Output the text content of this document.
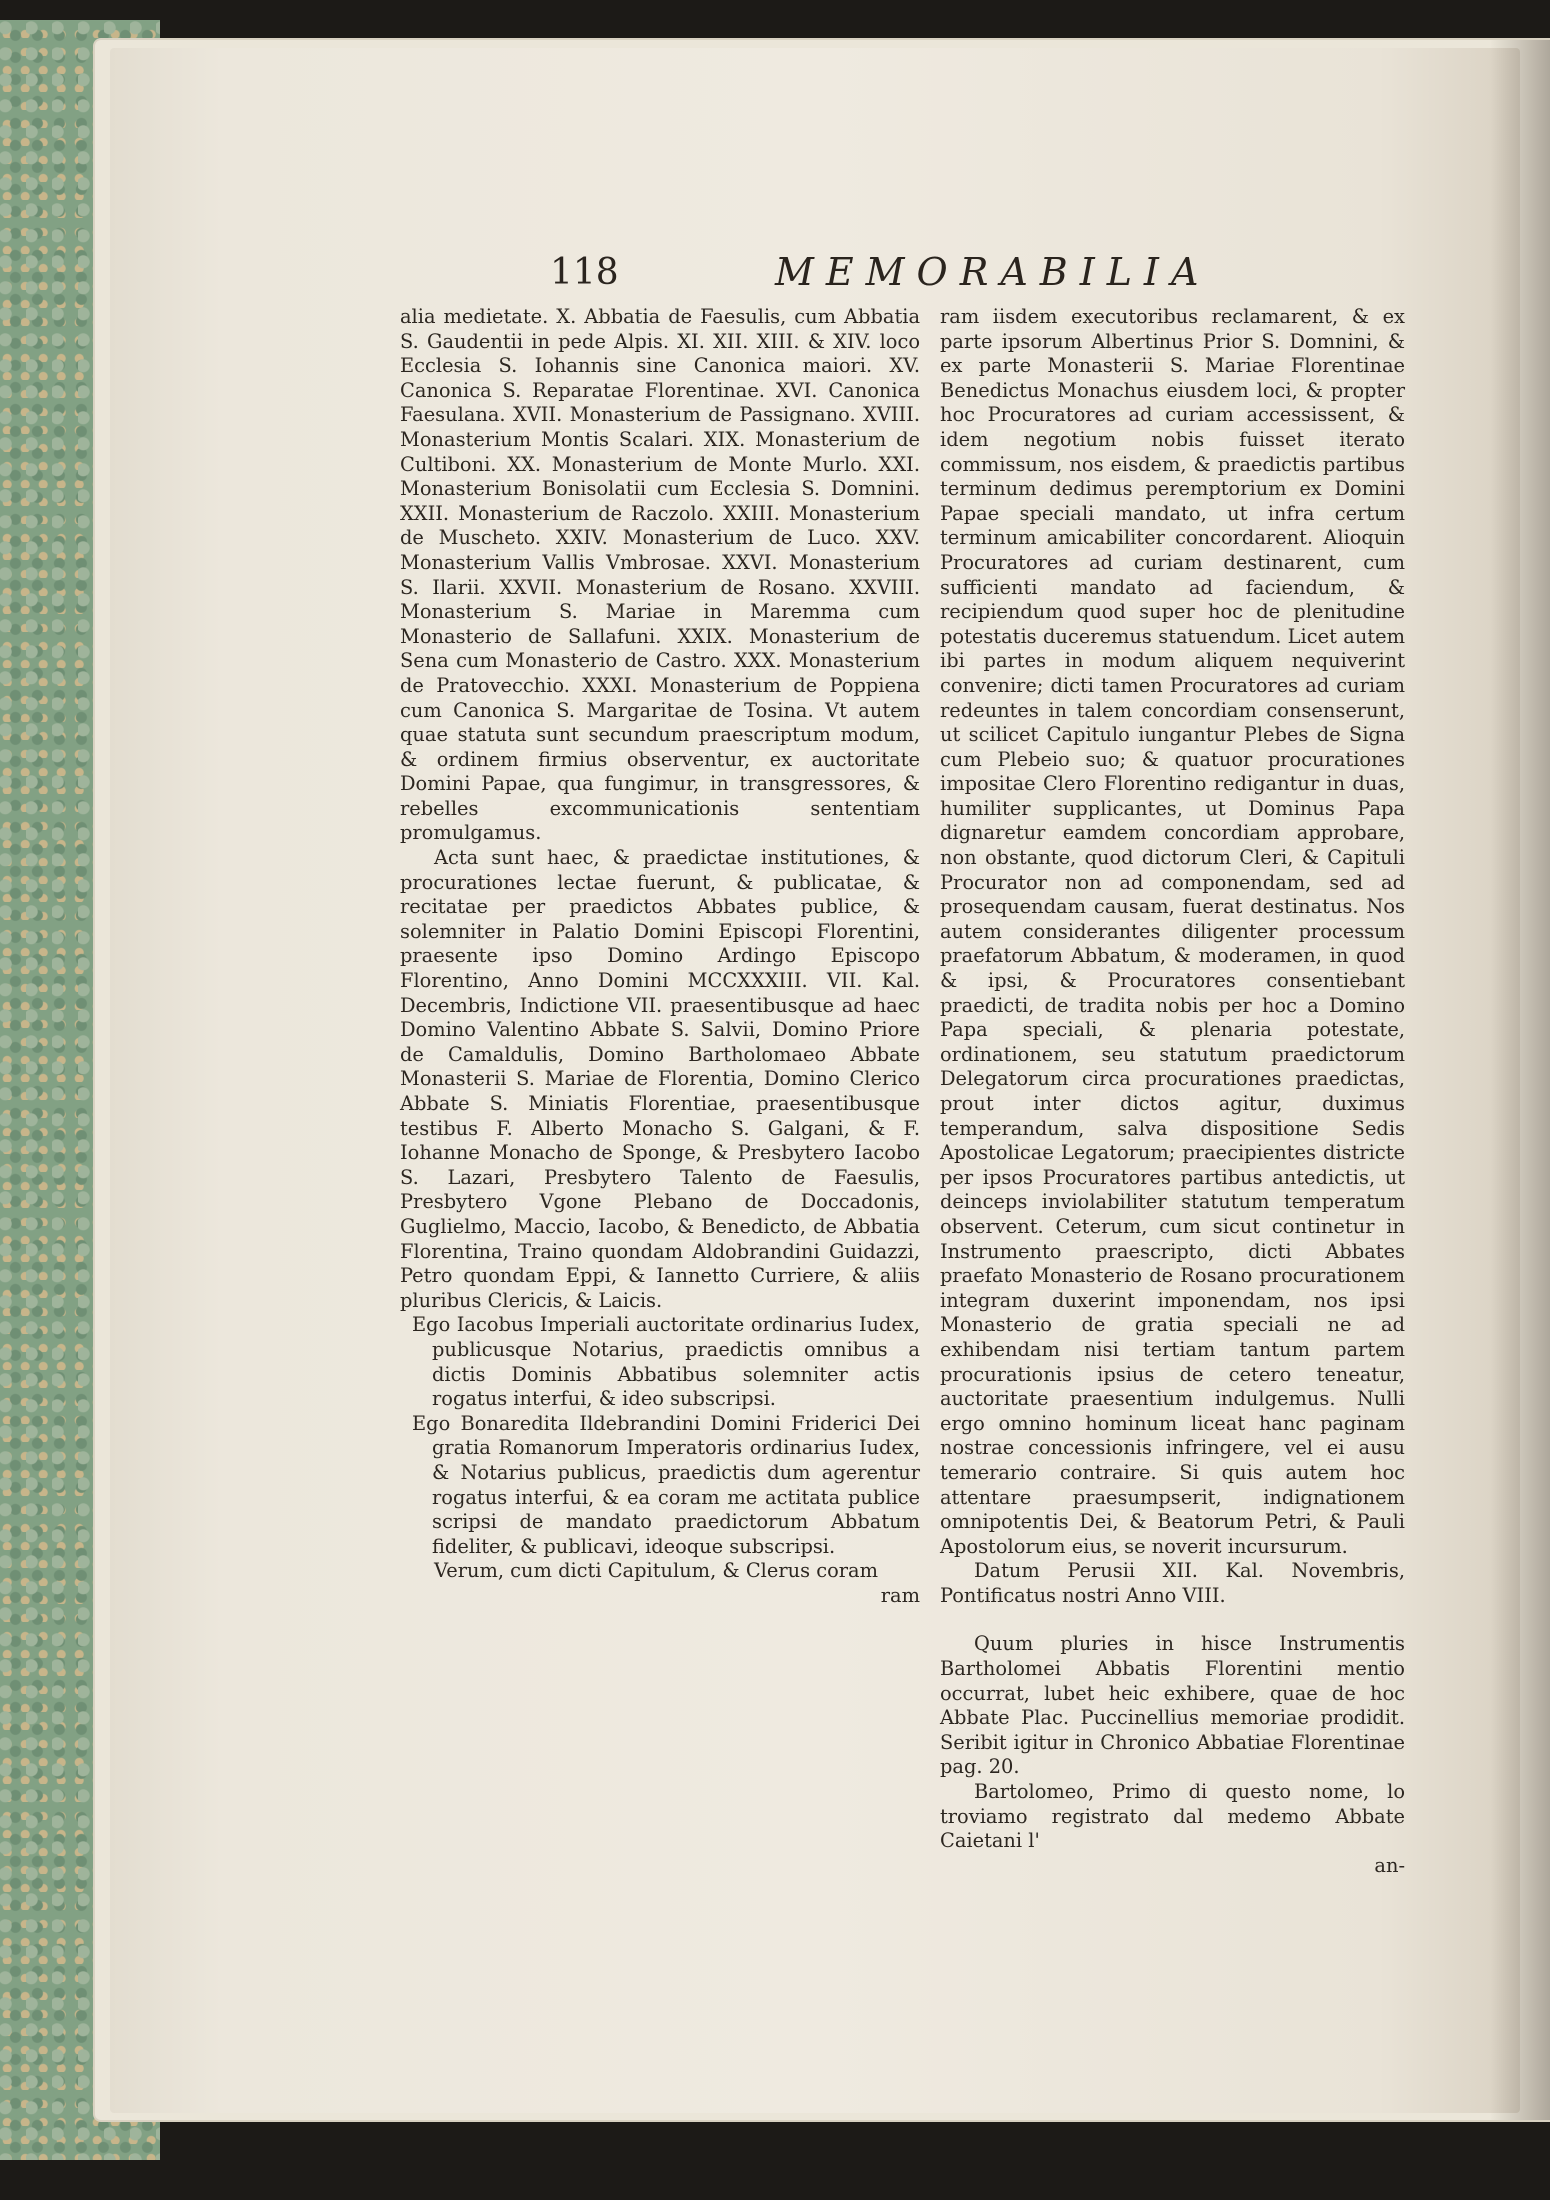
118	MEMORABILIA

alia medietate. X. Abbatia de Faesulis, cum Abbatia S. Gaudentii in pede Alpis. XI. XII. XIII. & XIV. loco Ecclesia S. Iohannis sine Canonica maiori. XV. Canonica S. Reparatae Florentinae. XVI. Canonica Faesulana. XVII. Monasterium de Passignano. XVIII. Monasterium Montis Scalari. XIX. Monasterium de Cultiboni. XX. Monasterium de Monte Murlo. XXI. Monasterium Bonisolatii cum Ecclesia S. Domnini. XXII. Monasterium de Raczolo. XXIII. Monasterium de Muscheto. XXIV. Monasterium de Luco. XXV. Monasterium Vallis Vmbrosae. XXVI. Monasterium S. Ilarii. XXVII. Monasterium de Rosano. XXVIII. Monasterium S. Mariae in Maremma cum Monasterio de Sallafuni. XXIX. Monasterium de Sena cum Monasterio de Castro. XXX. Monasterium de Pratovecchio. XXXI. Monasterium de Poppiena cum Canonica S. Margaritae de Tosina. Vt autem quae statuta sunt secundum praescriptum modum, & ordinem firmius observentur, ex auctoritate Domini Papae, qua fungimur, in transgressores, & rebelles excommunicationis sententiam promulgamus.

Acta sunt haec, & praedictae institutiones, & procurationes lectae fuerunt, & publicatae, & recitatae per praedictos Abbates publice, & solemniter in Palatio Domini Episcopi Florentini, praesente ipso Domino Ardingo Episcopo Florentino, Anno Domini MCCXXXIII. VII. Kal. Decembris, Indictione VII. praesentibusque ad haec Domino Valentino Abbate S. Salvii, Domino Priore de Camaldulis, Domino Bartholomaeo Abbate Monasterii S. Mariae de Florentia, Domino Clerico Abbate S. Miniatis Florentiae, praesentibusque testibus F. Alberto Monacho S. Galgani, & F. Iohanne Monacho de Sponge, & Presbytero Iacobo S. Lazari, Presbytero Talento de Faesulis, Presbytero Vgone Plebano de Doccadonis, Guglielmo, Maccio, Iacobo, & Benedicto, de Abbatia Florentina, Traino quondam Aldobrandini Guidazzi, Petro quondam Eppi, & Iannetto Curriere, & aliis pluribus Clericis, & Laicis.

Ego Iacobus Imperiali auctoritate ordinarius Iudex, publicusque Notarius, praedictis omnibus a dictis Dominis Abbatibus solemniter actis rogatus interfui, & ideo subscripsi.

Ego Bonaredita Ildebrandini Domini Friderici Dei gratia Romanorum Imperatoris ordinarius Iudex, & Notarius publicus, praedictis dum agerentur rogatus interfui, & ea coram me actitata publice scripsi de mandato praedictorum Abbatum fideliter, & publicavi, ideoque subscripsi.

Verum, cum dicti Capitulum, & Clerus coram

ram

ram iisdem executoribus reclamarent, & ex parte ipsorum Albertinus Prior S. Domnini, & ex parte Monasterii S. Mariae Florentinae Benedictus Monachus eiusdem loci, & propter hoc Procuratores ad curiam accessissent, & idem negotium nobis fuisset iterato commissum, nos eisdem, & praedictis partibus terminum dedimus peremptorium ex Domini Papae speciali mandato, ut infra certum terminum amicabiliter concordarent. Alioquin Procuratores ad curiam destinarent, cum sufficienti mandato ad faciendum, & recipiendum quod super hoc de plenitudine potestatis duceremus statuendum. Licet autem ibi partes in modum aliquem nequiverint convenire; dicti tamen Procuratores ad curiam redeuntes in talem concordiam consenserunt, ut scilicet Capitulo iungantur Plebes de Signa cum Plebeio suo; & quatuor procurationes impositae Clero Florentino redigantur in duas, humiliter supplicantes, ut Dominus Papa dignaretur eamdem concordiam approbare, non obstante, quod dictorum Cleri, & Capituli Procurator non ad componendam, sed ad prosequendam causam, fuerat destinatus. Nos autem considerantes diligenter processum praefatorum Abbatum, & moderamen, in quod & ipsi, & Procuratores consentiebant praedicti, de tradita nobis per hoc a Domino Papa speciali, & plenaria potestate, ordinationem, seu statutum praedictorum Delegatorum circa procurationes praedictas, prout inter dictos agitur, duximus temperandum, salva dispositione Sedis Apostolicae Legatorum; praecipientes districte per ipsos Procuratores partibus antedictis, ut deinceps inviolabiliter statutum temperatum observent. Ceterum, cum sicut continetur in Instrumento praescripto, dicti Abbates praefato Monasterio de Rosano procurationem integram duxerint imponendam, nos ipsi Monasterio de gratia speciali ne ad exhibendam nisi tertiam tantum partem procurationis ipsius de cetero teneatur, auctoritate praesentium indulgemus. Nulli ergo omnino hominum liceat hanc paginam nostrae concessionis infringere, vel ei ausu temerario contraire. Si quis autem hoc attentare praesumpserit, indignationem omnipotentis Dei, & Beatorum Petri, & Pauli Apostolorum eius, se noverit incursurum.

Datum Perusii XII. Kal. Novembris, Pontificatus nostri Anno VIII.

Quum pluries in hisce Instrumentis Bartholomei Abbatis Florentini mentio occurrat, lubet heic exhibere, quae de hoc Abbate Plac. Puccinellius memoriae prodidit. Seribit igitur in Chronico Abbatiae Florentinae pag. 20.

Bartolomeo, Primo di questo nome, lo troviamo registrato dal medemo Abbate Caietani l'

an-
